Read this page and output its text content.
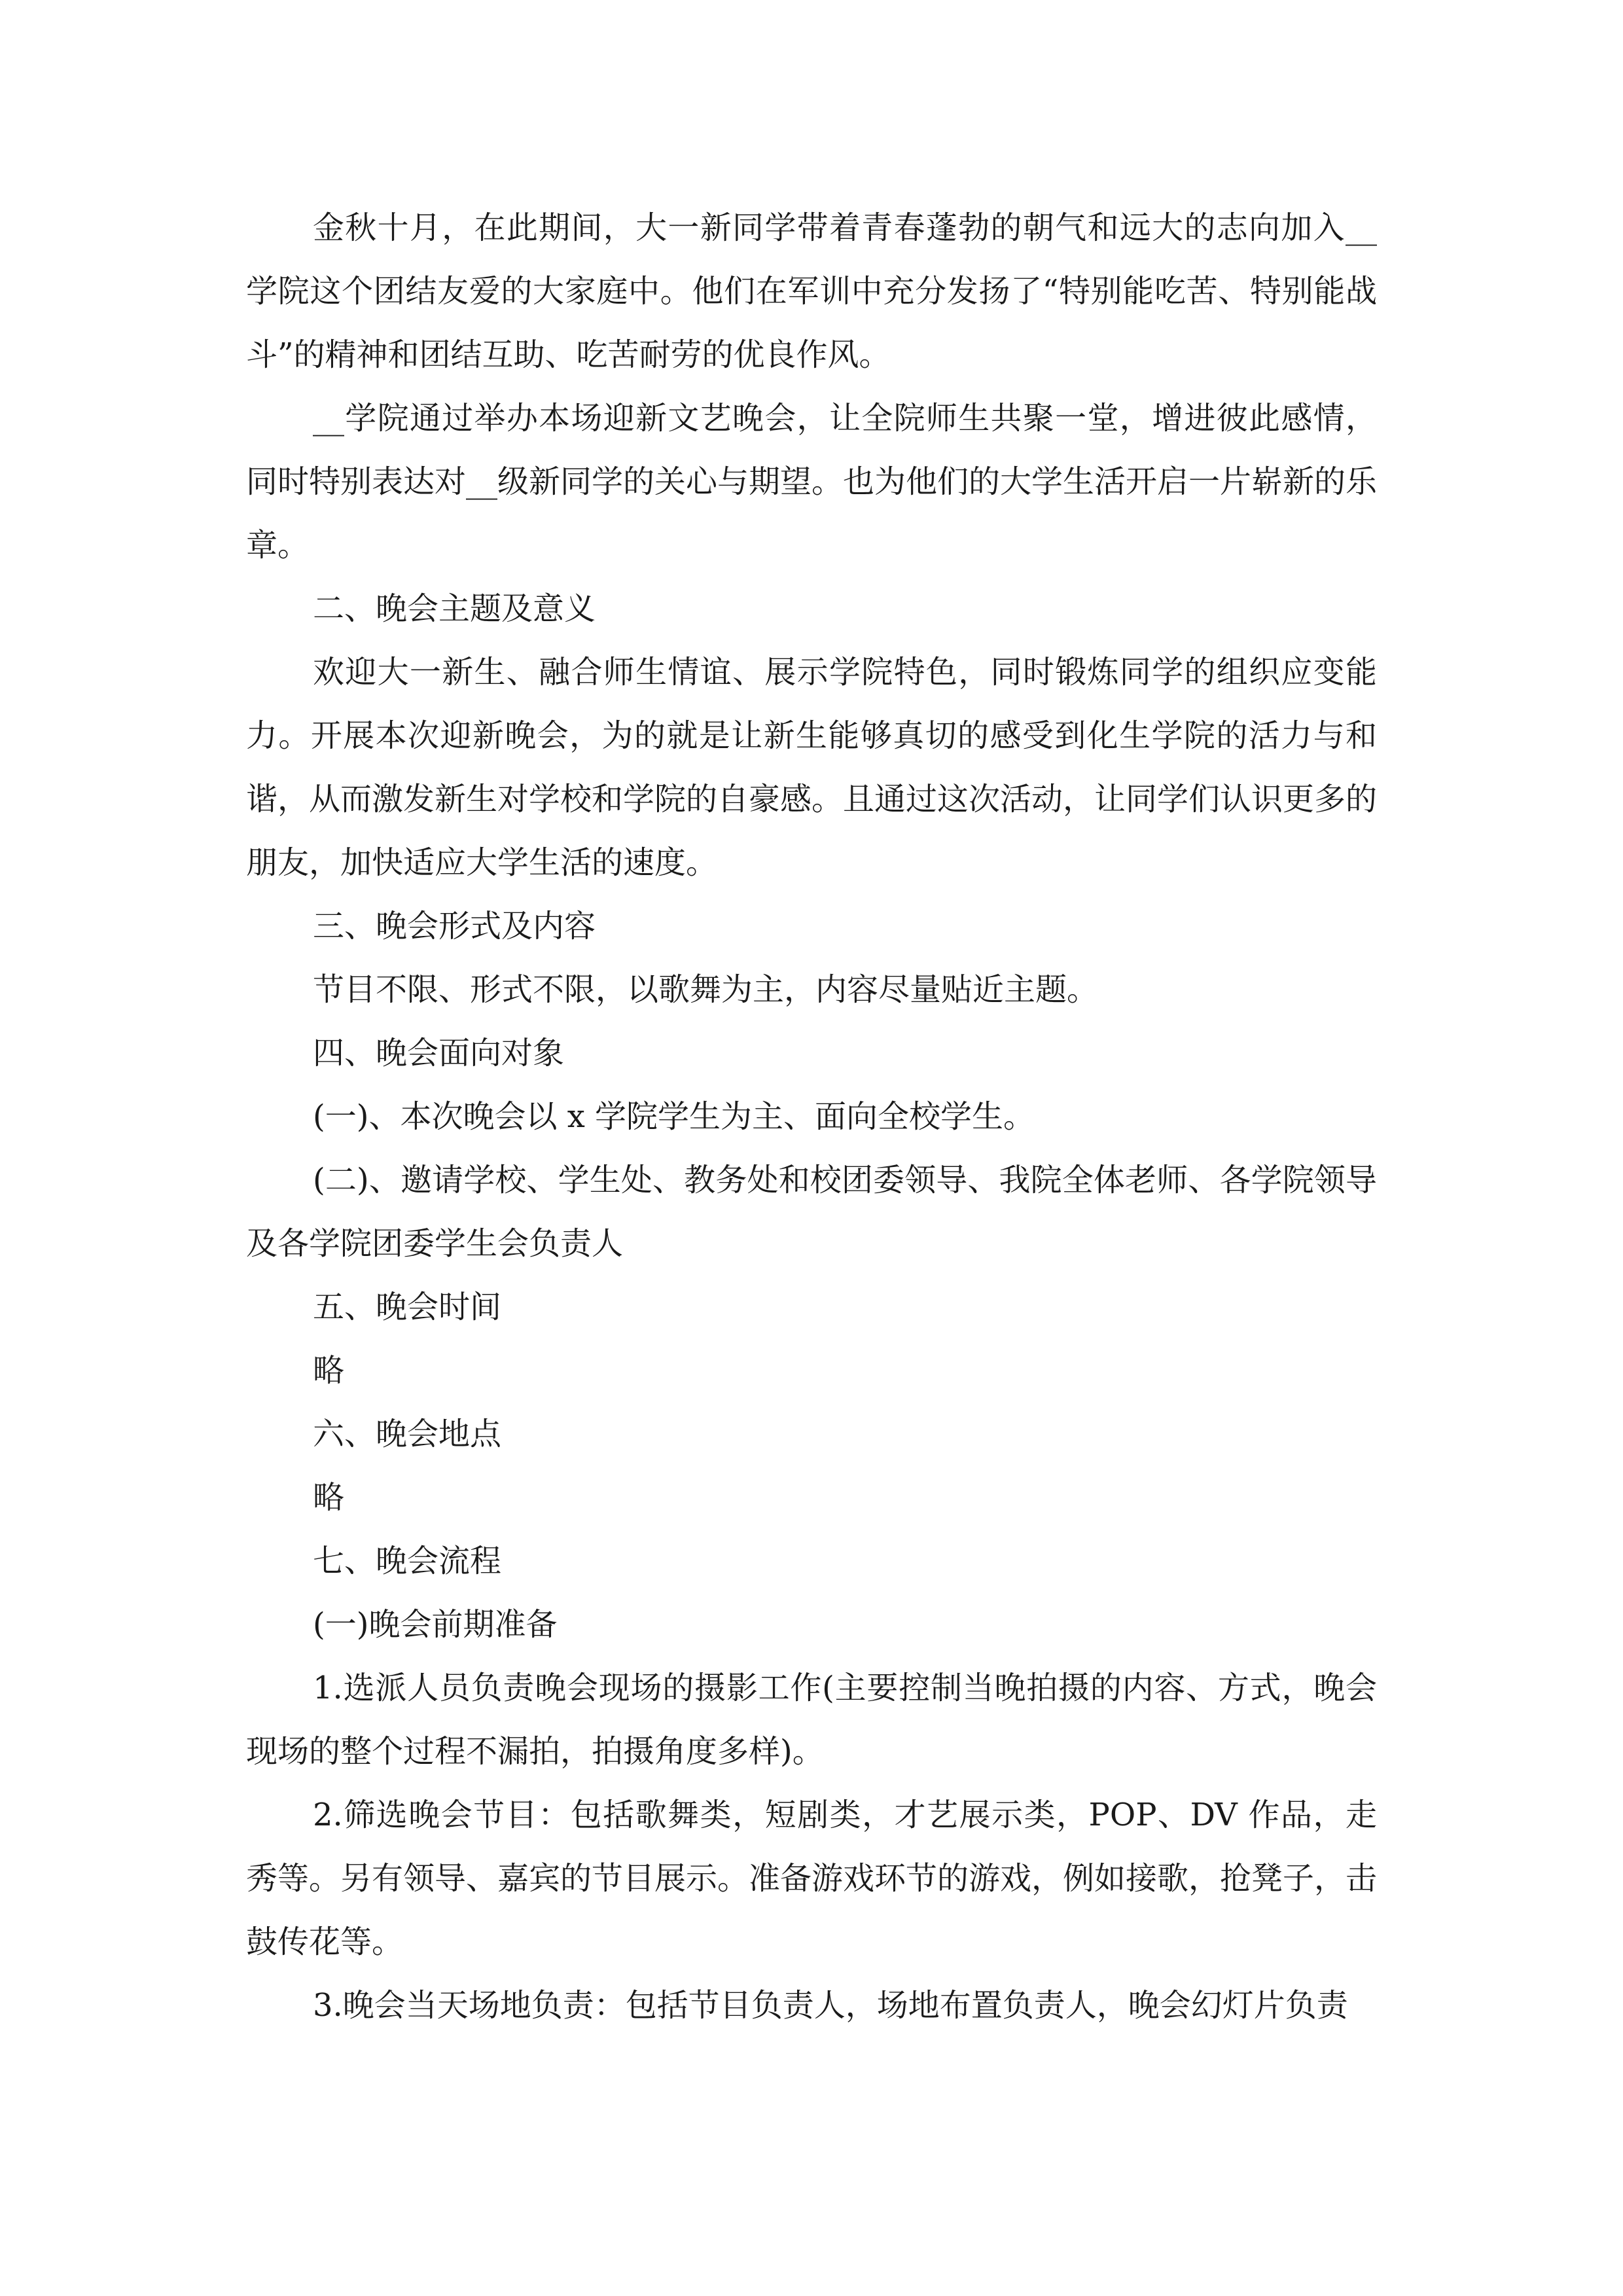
金秋十月，在此期间，大一新同学带着青春蓬勃的朝气和远大的志向加入__学院这个团结友爱的大家庭中。他们在军训中充分发扬了“特别能吃苦、特别能战斗”的精神和团结互助、吃苦耐劳的优良作风。

__学院通过举办本场迎新文艺晚会，让全院师生共聚一堂，增进彼此感情，同时特别表达对__级新同学的关心与期望。也为他们的大学生活开启一片崭新的乐章。

二、晚会主题及意义

欢迎大一新生、融合师生情谊、展示学院特色，同时锻炼同学的组织应变能力。开展本次迎新晚会，为的就是让新生能够真切的感受到化生学院的活力与和谐，从而激发新生对学校和学院的自豪感。且通过这次活动，让同学们认识更多的朋友，加快适应大学生活的速度。

三、晚会形式及内容

节目不限、形式不限，以歌舞为主，内容尽量贴近主题。

四、晚会面向对象

(一)、本次晚会以 x 学院学生为主、面向全校学生。

(二)、邀请学校、学生处、教务处和校团委领导、我院全体老师、各学院领导及各学院团委学生会负责人

五、晚会时间

略

六、晚会地点

略

七、晚会流程

(一)晚会前期准备

1.选派人员负责晚会现场的摄影工作(主要控制当晚拍摄的内容、方式，晚会现场的整个过程不漏拍，拍摄角度多样)。

2.筛选晚会节目：包括歌舞类，短剧类，才艺展示类，POP、DV 作品，走秀等。另有领导、嘉宾的节目展示。准备游戏环节的游戏，例如接歌，抢凳子，击鼓传花等。

3.晚会当天场地负责：包括节目负责人，场地布置负责人，晚会幻灯片负责
